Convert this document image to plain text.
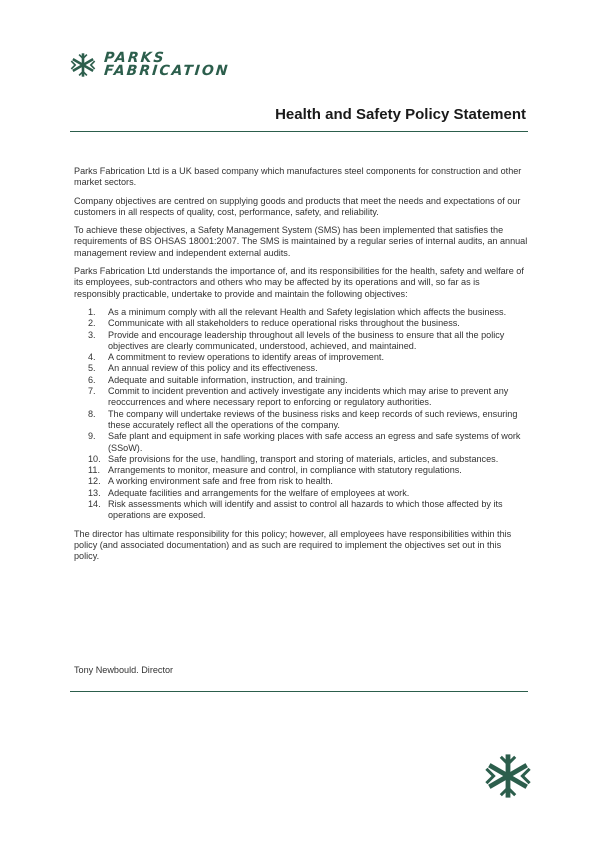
PARKS
FABRICATION
Health and Safety Policy Statement

Parks Fabrication Ltd is a UK based company which manufactures steel components for construction and other market sectors.

Company objectives are centred on supplying goods and products that meet the needs and expectations of our customers in all respects of quality, cost, performance, safety, and reliability.

To achieve these objectives, a Safety Management System (SMS) has been implemented that satisfies the requirements of BS OHSAS 18001:2007. The SMS is maintained by a regular series of internal audits, an annual management review and independent external audits.

Parks Fabrication Ltd understands the importance of, and its responsibilities for the health, safety and welfare of its employees, sub-contractors and others who may be affected by its operations and will, so far as is responsibly practicable, undertake to provide and maintain the following objectives:

1.	As a minimum comply with all the relevant Health and Safety legislation which affects the business.
2.	Communicate with all stakeholders to reduce operational risks throughout the business.
3.	Provide and encourage leadership throughout all levels of the business to ensure that all the policy objectives are clearly communicated, understood, achieved, and maintained.
4.	A commitment to review operations to identify areas of improvement.
5.	An annual review of this policy and its effectiveness.
6.	Adequate and suitable information, instruction, and training.
7.	Commit to incident prevention and actively investigate any incidents which may arise to prevent any reoccurrences and where necessary report to enforcing or regulatory authorities.
8.	The company will undertake reviews of the business risks and keep records of such reviews, ensuring these accurately reflect all the operations of the company.
9.	Safe plant and equipment in safe working places with safe access an egress and safe systems of work (SSoW).
10. Safe provisions for the use, handling, transport and storing of materials, articles, and substances.
11. Arrangements to monitor, measure and control, in compliance with statutory regulations.
12. A working environment safe and free from risk to health.
13. Adequate facilities and arrangements for the welfare of employees at work.
14. Risk assessments which will identify and assist to control all hazards to which those affected by its operations are exposed.

The director has ultimate responsibility for this policy; however, all employees have responsibilities within this policy (and associated documentation) and as such are required to implement the objectives set out in this policy.

Tony Newbould. Director
